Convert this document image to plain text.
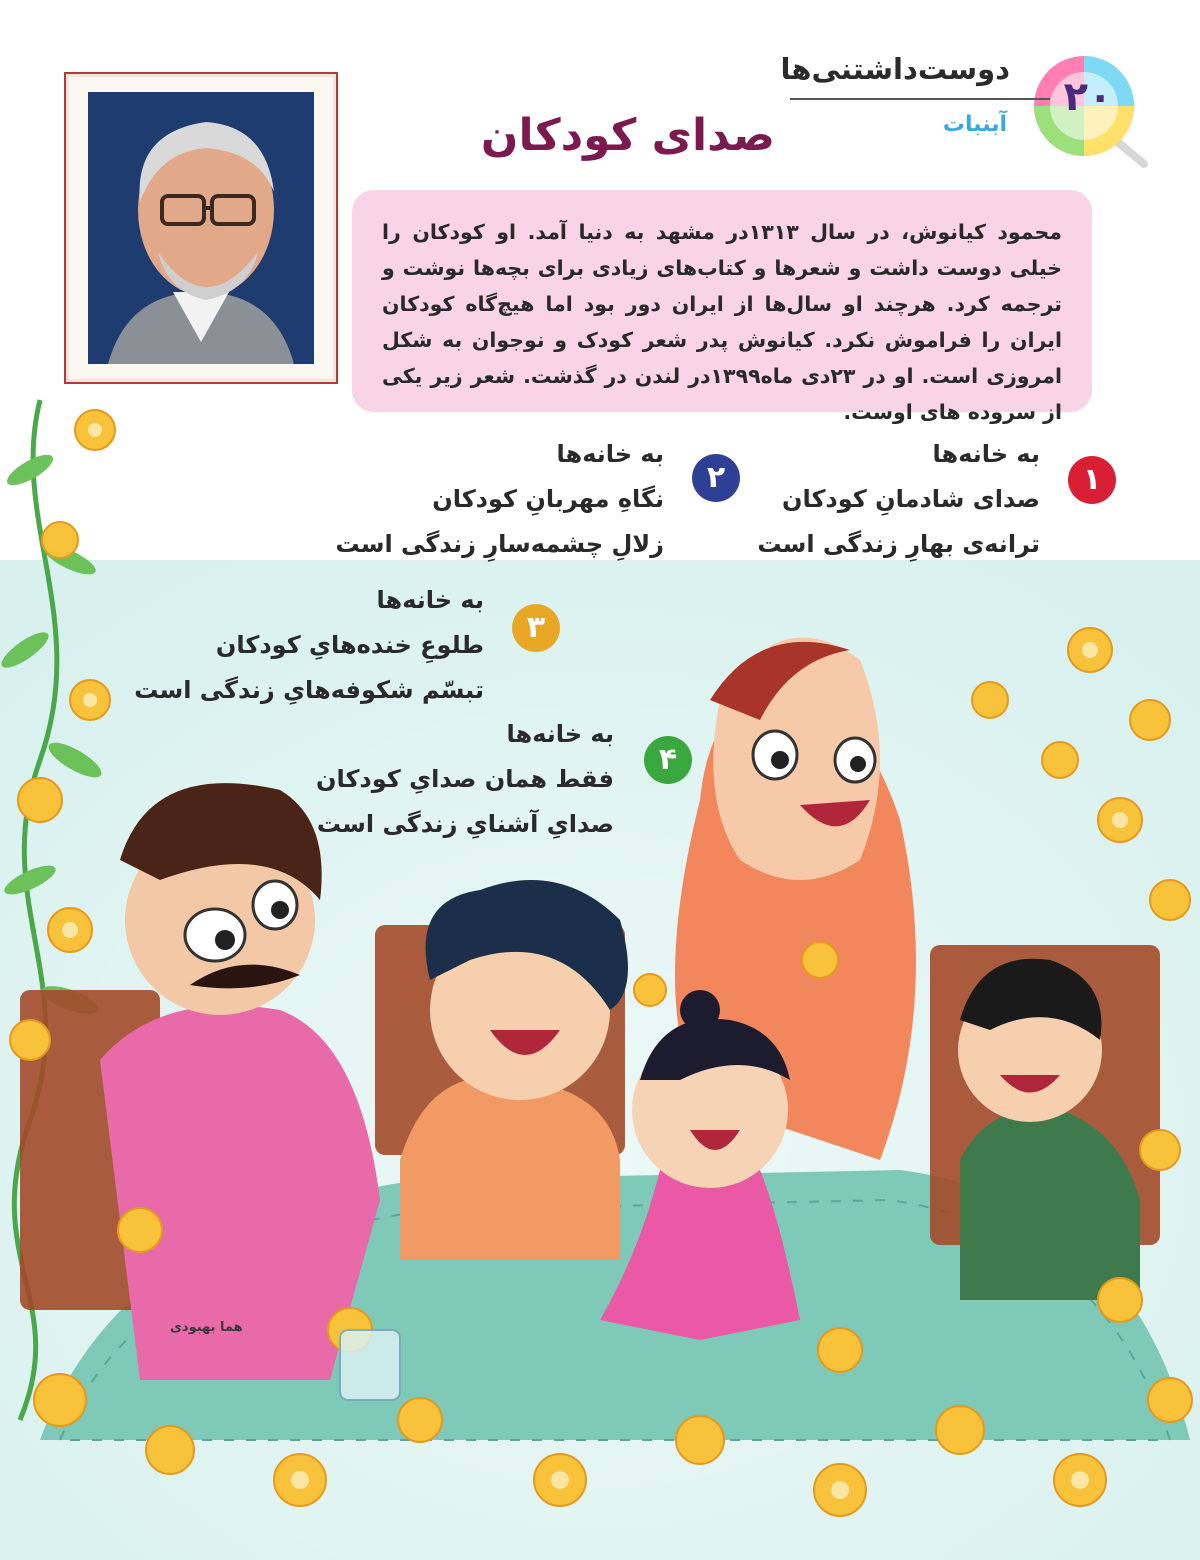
۲۰
آبنبات
دوست‌داشتنی‌ها
صدای کودکان
محمود کیانوش، در سال ۱۳۱۳در مشهد به دنیا آمد. او کودکان را خیلی دوست داشت و شعرها و کتاب‌های زیادی برای بچه‌ها نوشت و ترجمه کرد. هرچند او سال‌ها از ایران دور بود اما هیچ‌گاه کودکان ایران را فراموش نکرد. کیانوش پدر شعر کودک و نوجوان به شکل امروزی است. او در ۲۳دی ماه۱۳۹۹در لندن در گذشت. شعر زیر یکی از سروده های اوست.
۱
به خانه‌ها
صدای شادمانِ کودکان
ترانه‌ی بهارِ زندگی است
۲
به خانه‌ها
نگاهِ مهربانِ کودکان
زلالِ چشمه‌سارِ زندگی است
۳
به خانه‌ها
طلوعِ خنده‌هایِ کودکان
تبسّم شکوفه‌هایِ زندگی است
۴
به خانه‌ها
فقط همان صدایِ کودکان
صدایِ آشنایِ زندگی است
هما بهبودی
